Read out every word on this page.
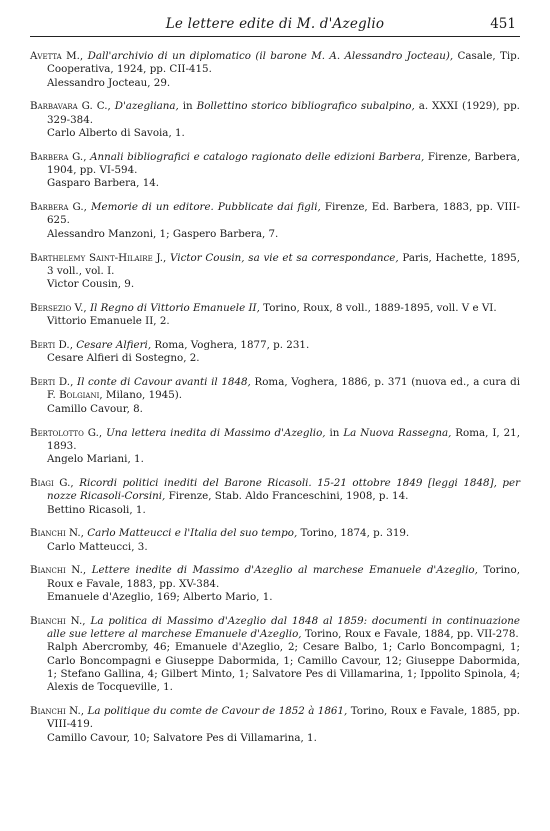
Le lettere edite di M. d'Azeglio	451
Avetta M., Dall'archivio di un diplomatico (il barone M. A. Alessandro Jocteau), Casale, Tip. Cooperativa, 1924, pp. CII-415.
Alessandro Jocteau, 29.
Barbavara G. C., D'azegliana, in Bollettino storico bibliografico subalpino, a. XXXI (1929), pp. 329-384.
Carlo Alberto di Savoia, 1.
Barbera G., Annali bibliografici e catalogo ragionato delle edizioni Barbera, Firenze, Barbera, 1904, pp. VI-594.
Gasparo Barbera, 14.
Barbera G., Memorie di un editore. Pubblicate dai figli, Firenze, Ed. Barbera, 1883, pp. VIII-625.
Alessandro Manzoni, 1; Gaspero Barbera, 7.
Barthelemy Saint-Hilaire J., Victor Cousin, sa vie et sa correspondance, Paris, Hachette, 1895, 3 voll., vol. I.
Victor Cousin, 9.
Bersezio V., Il Regno di Vittorio Emanuele II, Torino, Roux, 8 voll., 1889-1895, voll. V e VI.
Vittorio Emanuele II, 2.
Berti D., Cesare Alfieri, Roma, Voghera, 1877, p. 231.
Cesare Alfieri di Sostegno, 2.
Berti D., Il conte di Cavour avanti il 1848, Roma, Voghera, 1886, p. 371 (nuova ed., a cura di F. Bolgiani, Milano, 1945).
Camillo Cavour, 8.
Bertolotto G., Una lettera inedita di Massimo d'Azeglio, in La Nuova Rassegna, Roma, I, 21, 1893.
Angelo Mariani, 1.
Biagi G., Ricordi politici inediti del Barone Ricasoli. 15-21 ottobre 1849 [leggi 1848], per nozze Ricasoli-Corsini, Firenze, Stab. Aldo Franceschini, 1908, p. 14.
Bettino Ricasoli, 1.
Bianchi N., Carlo Matteucci e l'Italia del suo tempo, Torino, 1874, p. 319.
Carlo Matteucci, 3.
Bianchi N., Lettere inedite di Massimo d'Azeglio al marchese Emanuele d'Azeglio, Torino, Roux e Favale, 1883, pp. XV-384.
Emanuele d'Azeglio, 169; Alberto Mario, 1.
Bianchi N., La politica di Massimo d'Azeglio dal 1848 al 1859: documenti in continuazione alle sue lettere al marchese Emanuele d'Azeglio, Torino, Roux e Favale, 1884, pp. VII-278.
Ralph Abercromby, 46; Emanuele d'Azeglio, 2; Cesare Balbo, 1; Carlo Boncompagni, 1; Carlo Boncompagni e Giuseppe Dabormida, 1; Camillo Cavour, 12; Giuseppe Dabormida, 1; Stefano Gallina, 4; Gilbert Minto, 1; Salvatore Pes di Villamarina, 1; Ippolito Spinola, 4; Alexis de Tocqueville, 1.
Bianchi N., La politique du comte de Cavour de 1852 à 1861, Torino, Roux e Favale, 1885, pp. VIII-419.
Camillo Cavour, 10; Salvatore Pes di Villamarina, 1.
